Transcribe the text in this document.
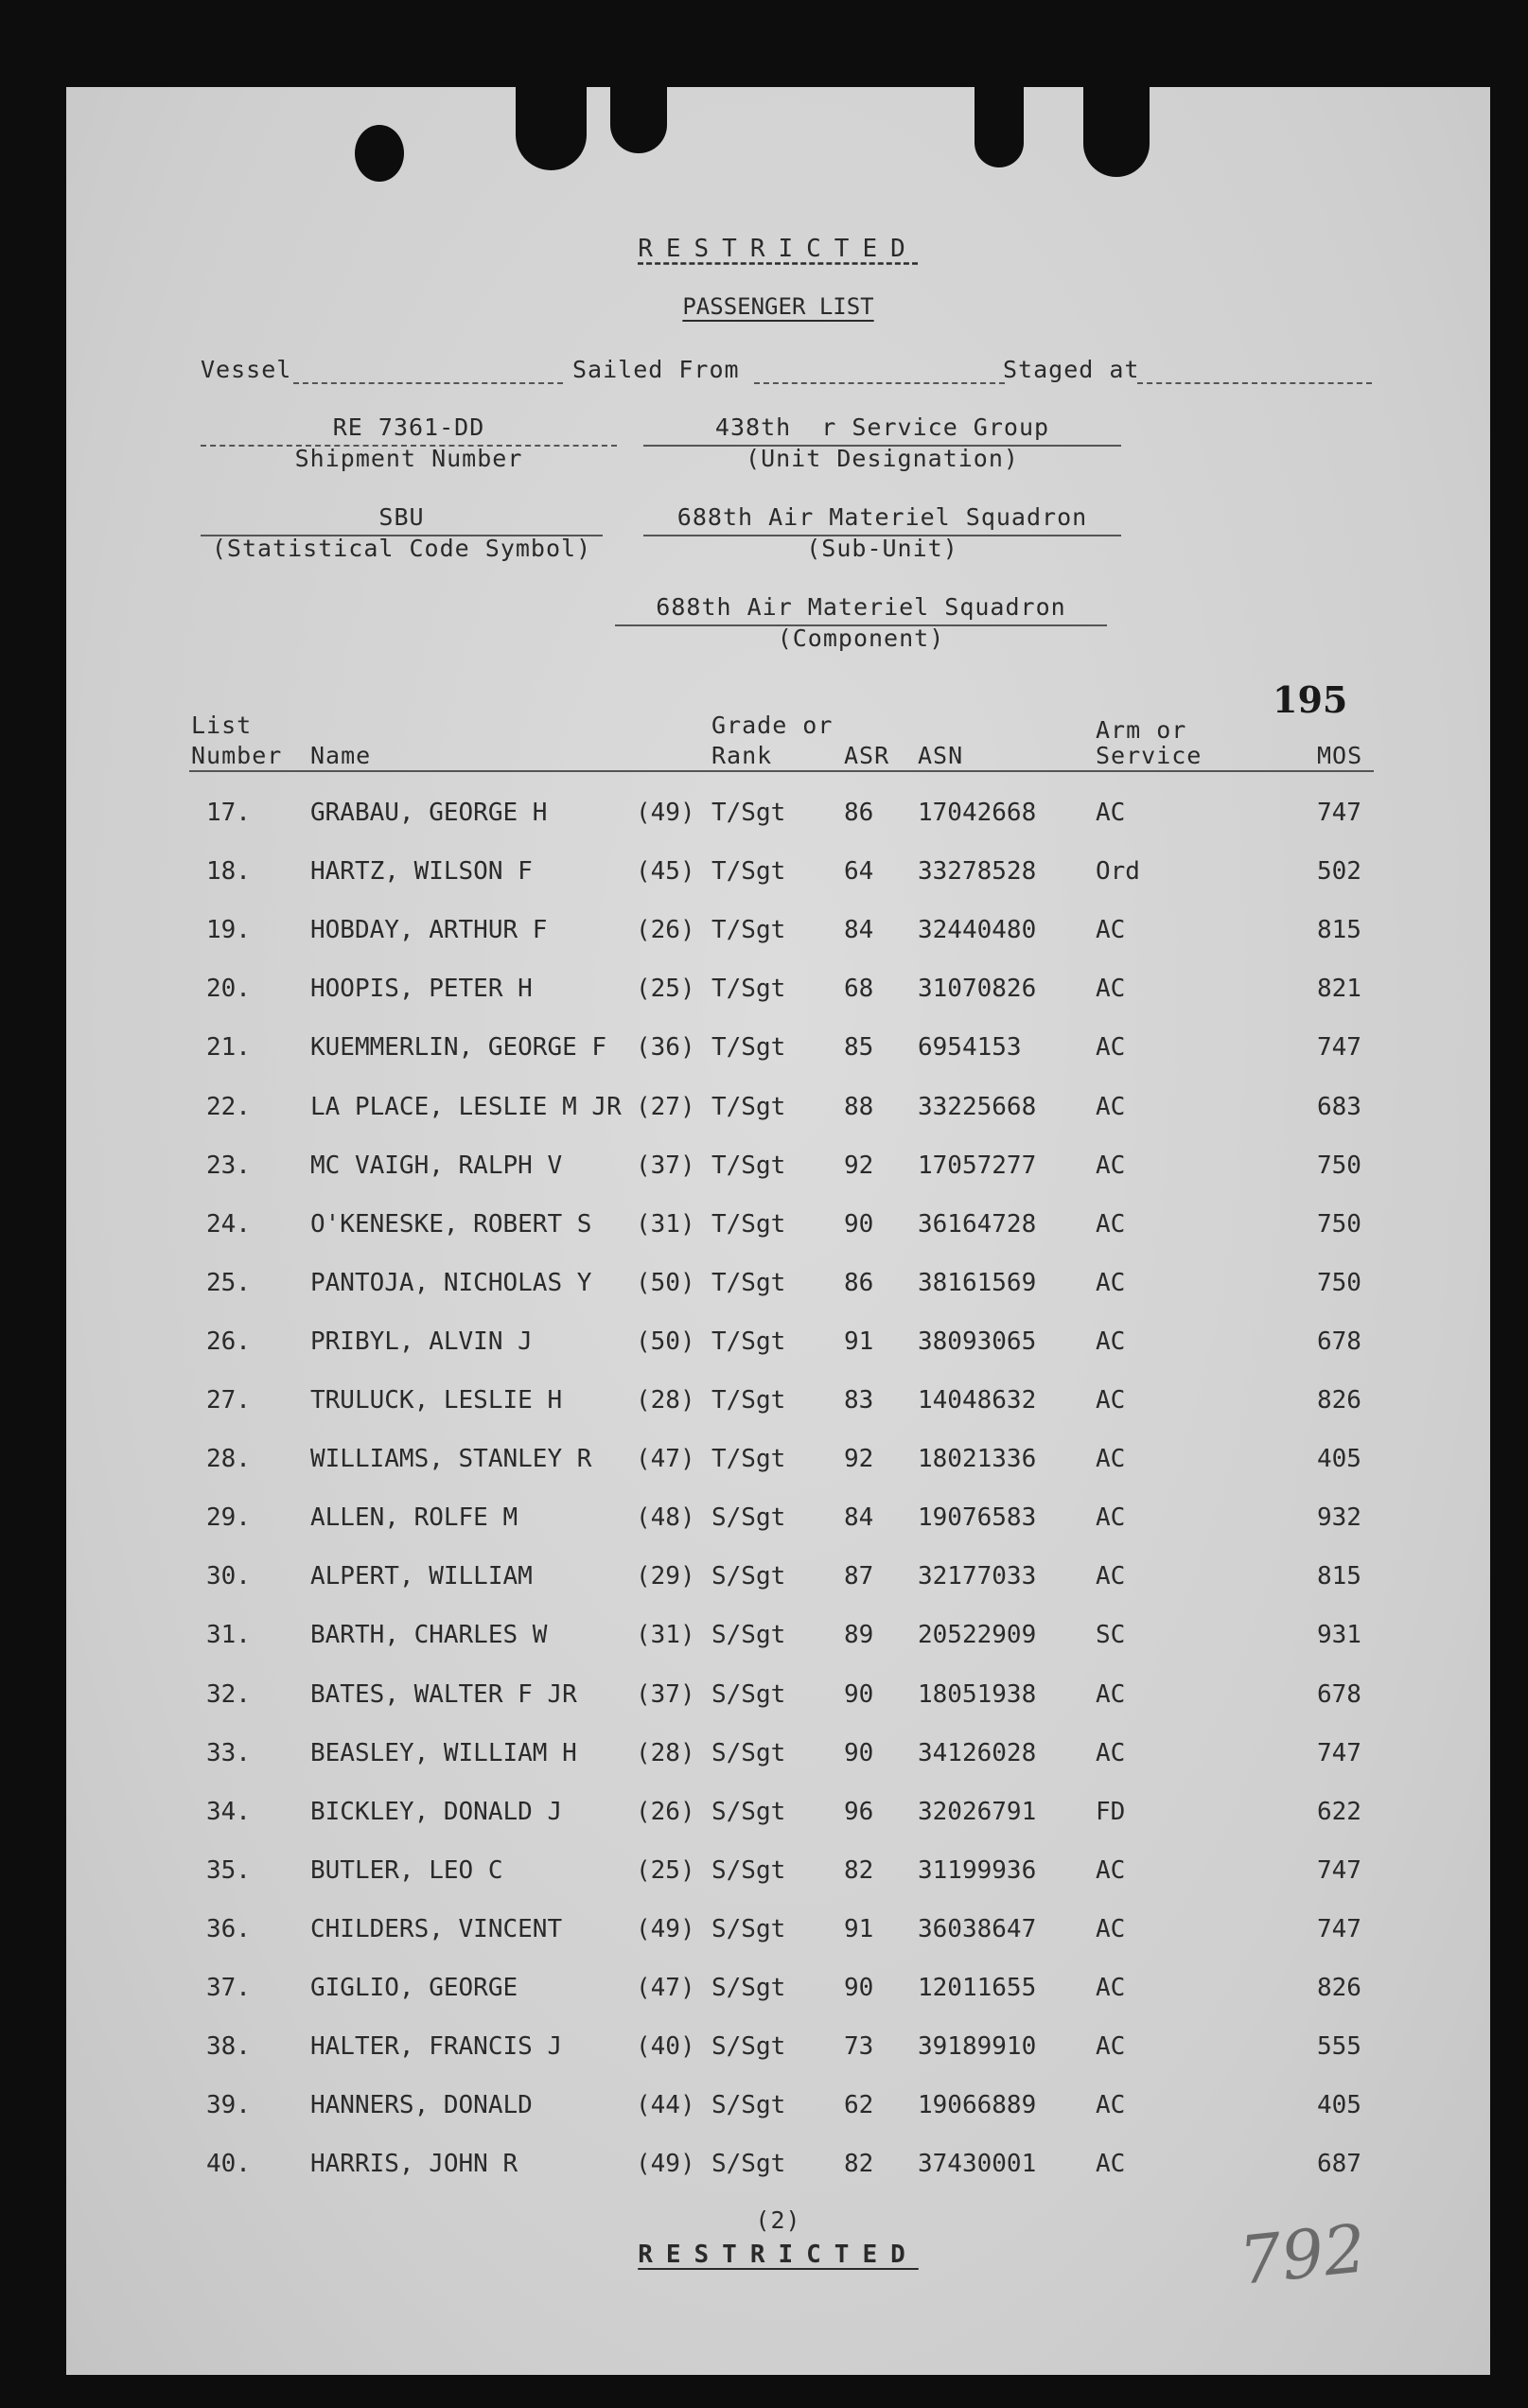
RESTRICTED
PASSENGER LIST
Vessel	Sailed From	Staged at
RE 7361-DD
Shipment Number
438th  r Service Group
(Unit Designation)
SBU
(Statistical Code Symbol)
688th Air Materiel Squadron
(Sub-Unit)
688th Air Materiel Squadron
(Component)
195
List
Number Name
Grade or
Rank	ASR ASN
Arm or
Service	MOS
17. GRABAU, GEORGE H	(49) T/Sgt 86 17042668 AC	747
18. HARTZ, WILSON F	(45) T/Sgt 64 33278528 Ord	502
19. HOBDAY, ARTHUR F	(26) T/Sgt 84 32440480 AC	815
20. HOOPIS, PETER H	(25) T/Sgt 68 31070826 AC	821
21. KUEMMERLIN, GEORGE F (36) T/Sgt 85 6954153	AC	747
22. LA PLACE, LESLIE M JR (27) T/Sgt 88 33225668 AC	683
23. MC VAIGH, RALPH V	(37) T/Sgt 92 17057277 AC	750
24. O'KENESKE, ROBERT S (31) T/Sgt 90 36164728 AC	750
25. PANTOJA, NICHOLAS Y (50) T/Sgt 86 38161569 AC	750
26. PRIBYL, ALVIN J	(50) T/Sgt 91 38093065 AC	678
27. TRULUCK, LESLIE H	(28) T/Sgt 83 14048632 AC	826
28. WILLIAMS, STANLEY R (47) T/Sgt 92 18021336 AC	405
29. ALLEN, ROLFE M	(48) S/Sgt 84 19076583 AC	932
30. ALPERT, WILLIAM	(29) S/Sgt 87 32177033 AC	815
31. BARTH, CHARLES W	(31) S/Sgt 89 20522909 SC	931
32. BATES, WALTER F JR (37) S/Sgt 90 18051938 AC	678
33. BEASLEY, WILLIAM H (28) S/Sgt 90 34126028 AC	747
34. BICKLEY, DONALD J	(26) S/Sgt 96 32026791 FD	622
35. BUTLER, LEO C	(25) S/Sgt 82 31199936 AC	747
36. CHILDERS, VINCENT	(49) S/Sgt 91 36038647 AC	747
37. GIGLIO, GEORGE	(47) S/Sgt 90 12011655 AC	826
38. HALTER, FRANCIS J	(40) S/Sgt 73 39189910 AC	555
39. HANNERS, DONALD	(44) S/Sgt 62 19066889 AC	405
40. HARRIS, JOHN R	(49) S/Sgt 82 37430001 AC	687
(2)
RESTRICTED	792
